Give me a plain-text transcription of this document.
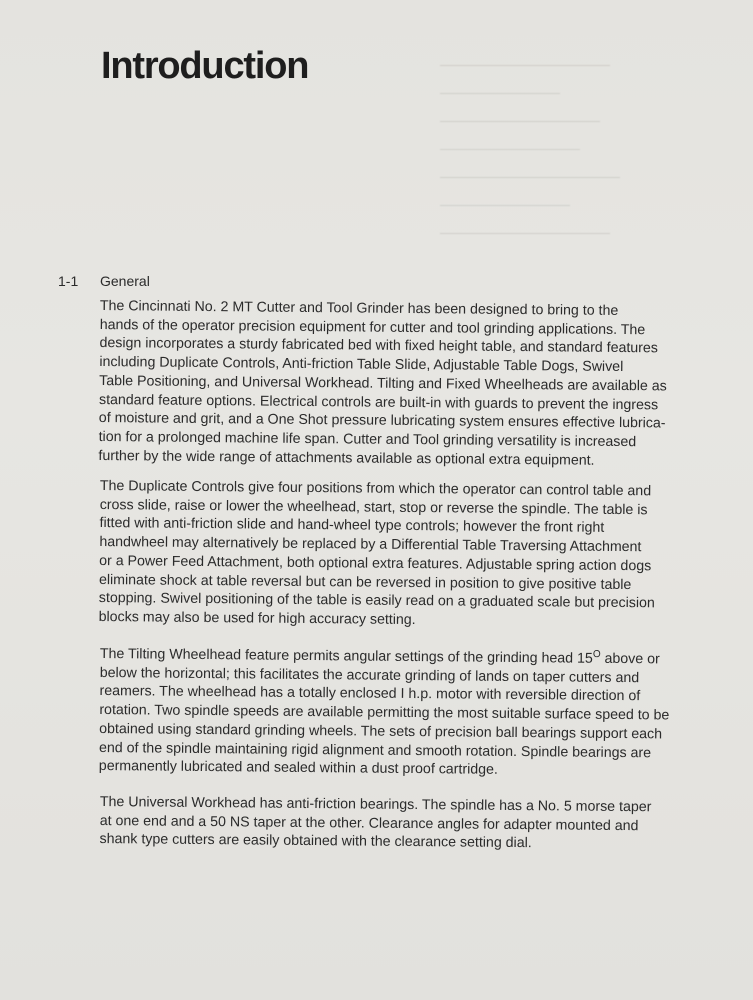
Introduction
1-1 General

The Cincinnati No. 2 MT Cutter and Tool Grinder has been designed to bring to the
hands of the operator precision equipment for cutter and tool grinding applications. The
design incorporates a sturdy fabricated bed with fixed height table, and standard features
including Duplicate Controls, Anti-friction Table Slide, Adjustable Table Dogs, Swivel
Table Positioning, and Universal Workhead. Tilting and Fixed Wheelheads are available as
standard feature options. Electrical controls are built-in with guards to prevent the ingress
of moisture and grit, and a One Shot pressure lubricating system ensures effective lubrica-
tion for a prolonged machine life span. Cutter and Tool grinding versatility is increased
further by the wide range of attachments available as optional extra equipment.

The Duplicate Controls give four positions from which the operator can control table and
cross slide, raise or lower the wheelhead, start, stop or reverse the spindle. The table is
fitted with anti-friction slide and hand-wheel type controls; however the front right
handwheel may alternatively be replaced by a Differential Table Traversing Attachment
or a Power Feed Attachment, both optional extra features. Adjustable spring action dogs
eliminate shock at table reversal but can be reversed in position to give positive table
stopping. Swivel positioning of the table is easily read on a graduated scale but precision
blocks may also be used for high accuracy setting.

The Tilting Wheelhead feature permits angular settings of the grinding head $15^O$ above or
below the horizontal; this facilitates the accurate grinding of lands on taper cutters and
reamers. The wheelhead has a totally enclosed I h.p. motor with reversible direction of
rotation. Two spindle speeds are available permitting the most suitable surface speed to be
obtained using standard grinding wheels. The sets of precision ball bearings support each
end of the spindle maintaining rigid alignment and smooth rotation. Spindle bearings are
permanently lubricated and sealed within a dust proof cartridge.

The Universal Workhead has anti-friction bearings. The spindle has a No. 5 morse taper
at one end and a 50 NS taper at the other. Clearance angles for adapter mounted and
shank type cutters are easily obtained with the clearance setting dial.
